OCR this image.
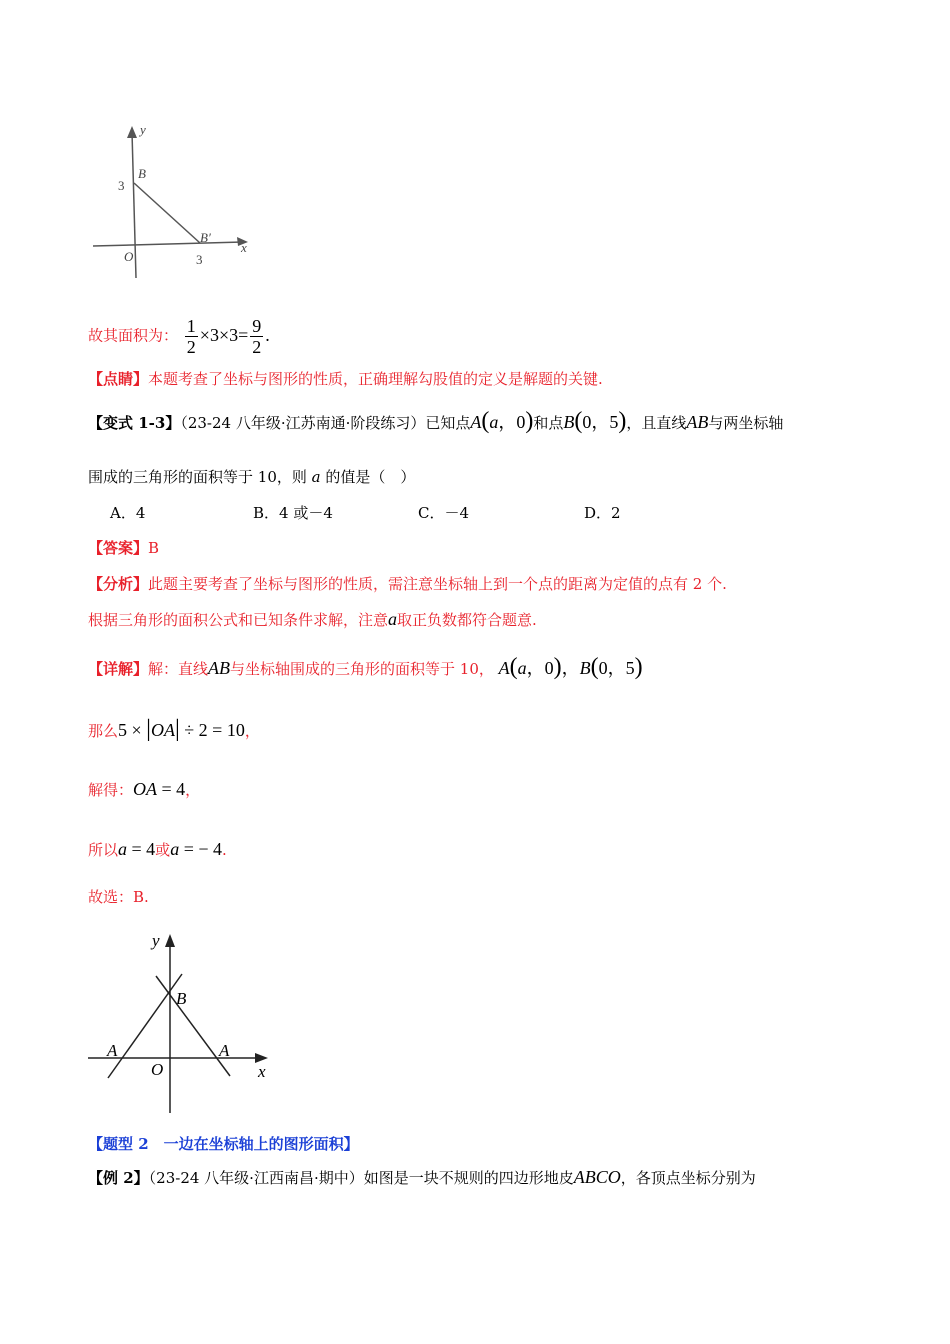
y
x
O
B
B′
3
3
故其面积为： $\frac{1}{2} \times 3\times 3= \frac{9}{2}$ .
【点睛】本题考查了坐标与图形的性质，正确理解勾股值的定义是解题的关键.
【变式 1-3】（23-24 八年级·江苏南通·阶段练习）已知点A(a，0)和点B(0，5)，且直线AB与两坐标轴
围成的三角形的面积等于 10，则 a 的值是（　）
A．4	B．4 或－4	C．－4	D．2
【答案】B
【分析】此题主要考查了坐标与图形的性质，需注意坐标轴上到一个点的距离为定值的点有 2 个.
根据三角形的面积公式和已知条件求解，注意a取正负数都符合题意.
【详解】解：直线AB与坐标轴围成的三角形的面积等于 10， A(a，0)，B(0，5)
那么5 × |OA| ÷ 2 = 10，
解得：OA = 4，
所以a = 4或a = − 4.
故选：B.
y
x
O
B
A	A
【题型 2　一边在坐标轴上的图形面积】
【例 2】（23-24 八年级·江西南昌·期中）如图是一块不规则的四边形地皮ABCO，各顶点坐标分别为
